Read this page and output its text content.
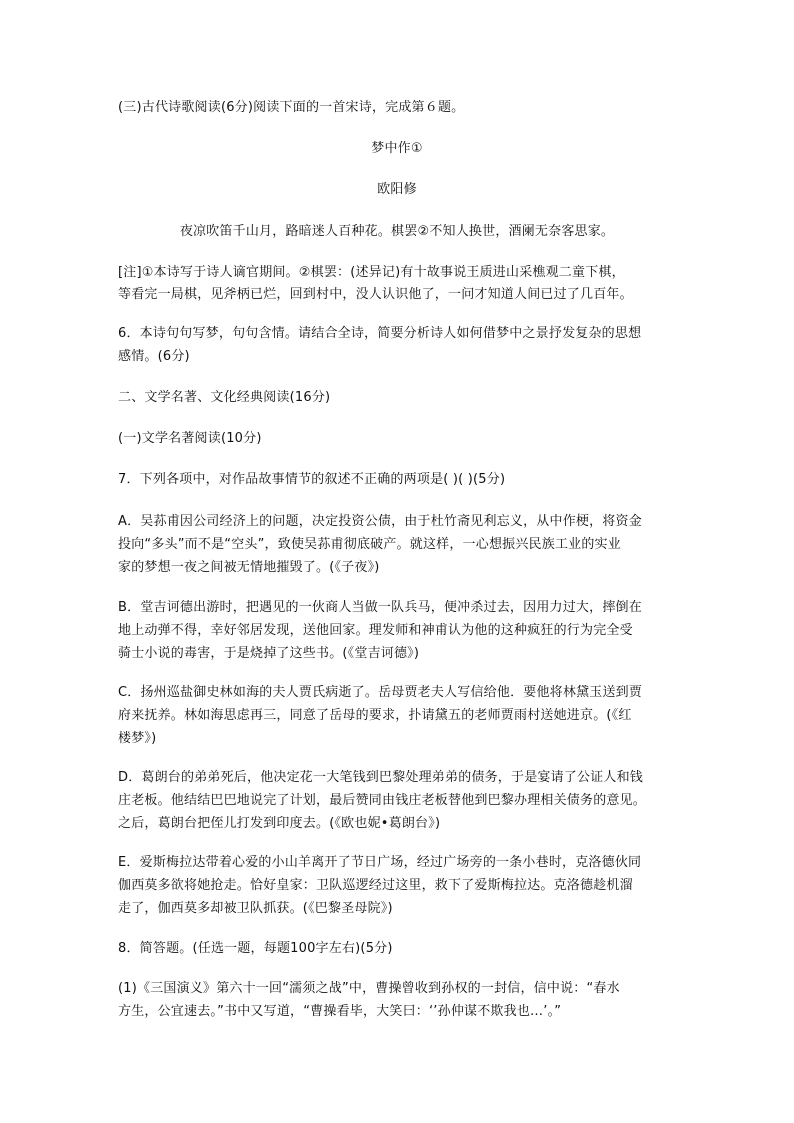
(三)古代诗歌阅读(6分)阅读下面的一首宋诗，完成第６题。
梦中作①
欧阳修
夜凉吹笛千山月，路暗迷人百种花。棋罢②不知人换世，酒阑无奈客思家。
[注]①本诗写于诗人谪官期间。②棋罢：(述异记)有十故事说王质进山采樵观二童下棋，
等看完一局棋，见斧柄已烂，回到村中，没人认识他了，一问才知道人间已过了几百年。
6．本诗句句写梦，句句含情。请结合全诗，简要分析诗人如何借梦中之景抒发复杂的思想
感情。(6分)
二、文学名著、文化经典阅读(16分)
(一)文学名著阅读(10分)
7．下列各项中，对作品故事情节的叙述不正确的两项是( )( )(5分)
A．吴荪甫因公司经济上的问题，决定投资公债，由于杜竹斋见利忘义，从中作梗，将资金
投向“多头”而不是“空头”，致使吴荪甫彻底破产。就这样，一心想振兴民族工业的实业
家的梦想一夜之间被无情地摧毁了。(《子夜》)
B．堂吉诃德出游时，把遇见的一伙商人当做一队兵马，便冲杀过去，因用力过大，摔倒在
地上动弹不得，幸好邻居发现，送他回家。理发师和神甫认为他的这种疯狂的行为完全受
骑士小说的毒害，于是烧掉了这些书。(《堂吉诃德》)
C．扬州巡盐御史林如海的夫人贾氏病逝了。岳母贾老夫人写信给他．要他将林黛玉送到贾
府来抚养。林如海思虑再三，同意了岳母的要求，扑请黛五的老师贾雨村送她进京。(《红
楼梦》)
D．葛朗台的弟弟死后，他决定花一大笔钱到巴黎处理弟弟的债务，于是宴请了公证人和钱
庄老板。他结结巴巴地说完了计划，最后赞同由钱庄老板替他到巴黎办理相关债务的意见。
之后，葛朗台把侄儿打发到印度去。(《欧也妮•葛朗台》)
E．爱斯梅拉达带着心爱的小山羊离开了节日广场，经过广场旁的一条小巷时，克洛德伙同
伽西莫多欲将她抢走。恰好皇家：卫队巡逻经过这里，救下了爱斯梅拉达。克洛德趁机溜
走了，伽西莫多却被卫队抓获。(《巴黎圣母院》)
8．简答题。(任选一题，每题100字左右)(5分)
(1)《三国演义》第六十一回“濡须之战”中，曹操曾收到孙权的一封信，信中说：“春水
方生，公宜速去。”书中又写道，“曹操看毕，大笑曰：‘’孙仲谋不欺我也…’。”
